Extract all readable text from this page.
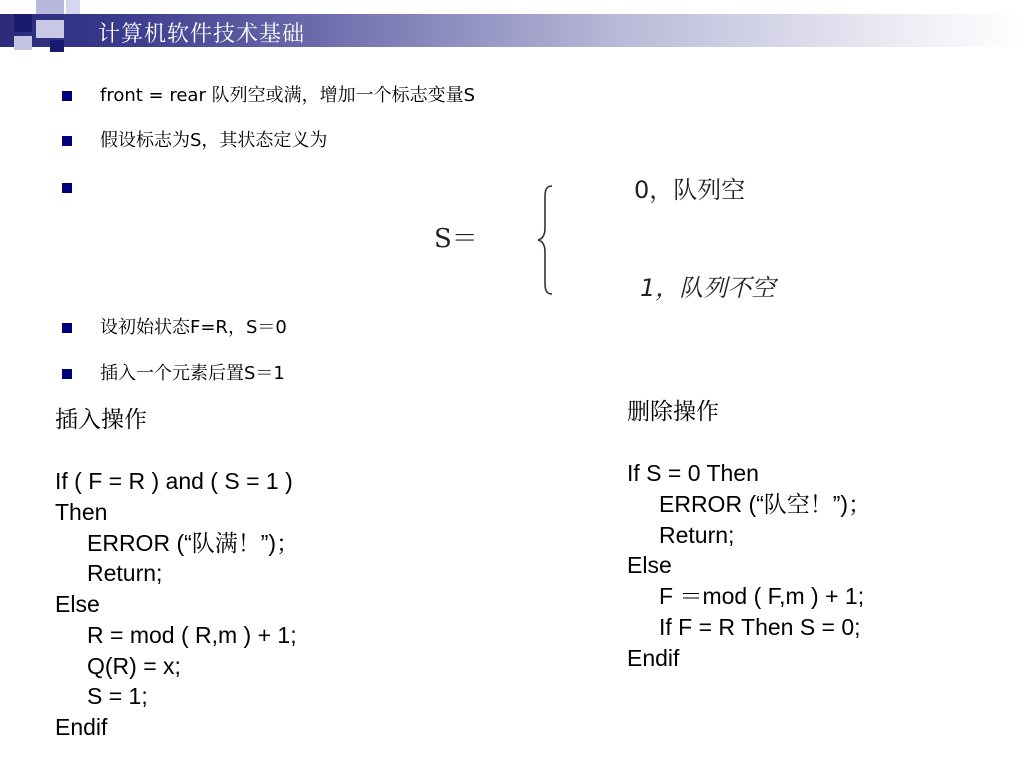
计算机软件技术基础
front = rear 队列空或满，增加一个标志变量S
假设标志为S，其状态定义为
设初始状态F=R，S＝0
插入一个元素后置S＝1
S＝
0，队列空
1，队列不空
插入操作
If ( F = R ) and ( S = 1 )
Then
ERROR (“队满！”)；
Return;
Else
R = mod ( R,m ) + 1;
Q(R) = x;
S = 1;
Endif
删除操作
If S = 0 Then
ERROR (“队空！”)；
Return;
Else
F ＝mod ( F,m ) + 1;
If F = R Then S = 0;
Endif
